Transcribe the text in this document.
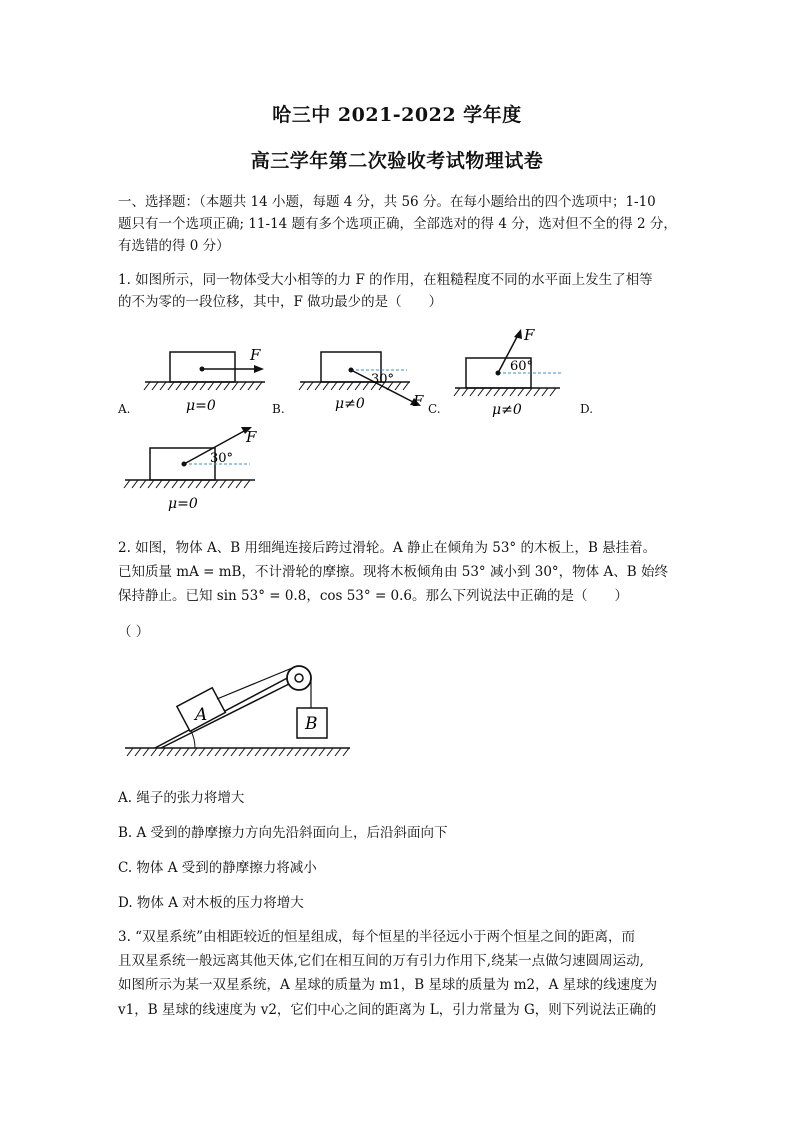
哈三中 2021-2022 学年度
高三学年第二次验收考试物理试卷
一、选择题：（本题共 14 小题，每题 4 分，共 56 分。在每小题给出的四个选项中；1-10
题只有一个选项正确; 11-14 题有多个选项正确，全部选对的得 4 分，选对但不全的得 2 分，
有选错的得 0 分）
1. 如图所示，同一物体受大小相等的力 F 的作用，在粗糙程度不同的水平面上发生了相等
的不为零的一段位移，其中，F 做功最少的是（　　）
F
μ=0
A.
30°
F
μ≠0
B.
60°
F
μ≠0
C.	D.
30°
F
μ=0
2. 如图，物体 A、B 用细绳连接后跨过滑轮。A 静止在倾角为 53° 的木板上，B 悬挂着。
已知质量 mA = mB，不计滑轮的摩擦。现将木板倾角由 53° 减小到 30°，物体 A、B 始终
保持静止。已知 sin 53° = 0.8，cos 53° = 0.6。那么下列说法中正确的是（　　）
（ ）
A	B
A. 绳子的张力将增大
B. A 受到的静摩擦力方向先沿斜面向上，后沿斜面向下
C. 物体 A 受到的静摩擦力将减小
D. 物体 A 对木板的压力将增大
3. “双星系统”由相距较近的恒星组成，每个恒星的半径远小于两个恒星之间的距离，而
且双星系统一般远离其他天体,它们在相互间的万有引力作用下,绕某一点做匀速圆周运动,
如图所示为某一双星系统，A 星球的质量为 m1，B 星球的质量为 m2，A 星球的线速度为
v1，B 星球的线速度为 v2，它们中心之间的距离为 L，引力常量为 G，则下列说法正确的
